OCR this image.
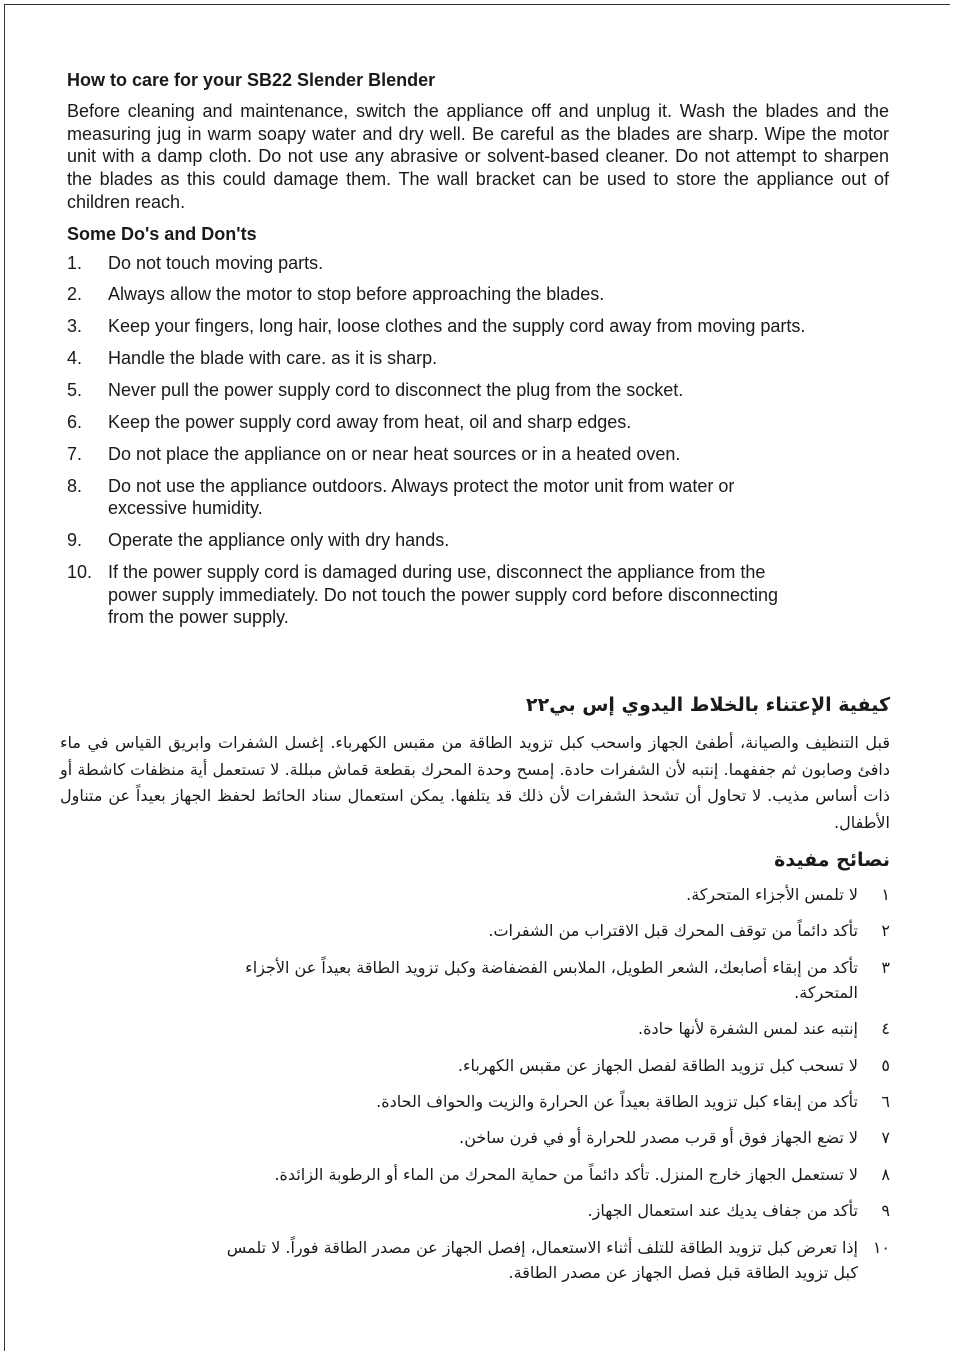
How to care for your SB22 Slender Blender

Before cleaning and maintenance, switch the appliance off and unplug it. Wash the blades and the measuring jug in warm soapy water and dry well. Be careful as the blades are sharp. Wipe the motor unit with a damp cloth. Do not use any abrasive or solvent-based cleaner. Do not attempt to sharpen the blades as this could damage them. The wall bracket can be used to store the appliance out of children reach.

Some Do's and Don'ts
1.	Do not touch moving parts.
2.	Always allow the motor to stop before approaching the blades.
3.	Keep your fingers, long hair, loose clothes and the supply cord away from moving parts.
4.	Handle the blade with care. as it is sharp.
5.	Never pull the power supply cord to disconnect the plug from the socket.
6.	Keep the power supply cord away from heat, oil and sharp edges.
7.	Do not place the appliance on or near heat sources or in a heated oven.
8.	Do not use the appliance outdoors. Always protect the motor unit from water or excessive humidity.
9.	Operate the appliance only with dry hands.
10. If the power supply cord is damaged during use, disconnect the appliance from the power supply immediately. Do not touch the power supply cord before disconnecting from the power supply.
كيفية الإعتناء بالخلاط اليدوي إس بي٢٢

قبل التنظيف والصيانة، أطفئ الجهاز واسحب كبل تزويد الطاقة من مقبس الكهرباء. إغسل الشفرات وابريق القياس في ماء دافئ وصابون ثم جففهما. إنتبه لأن الشفرات حادة. إمسح وحدة المحرك بقطعة قماش مبللة. لا تستعمل أية منظفات كاشطة أو ذات أساس مذيب. لا تحاول أن تشحذ الشفرات لأن ذلك قد يتلفها. يمكن استعمال سناد الحائط لحفظ الجهاز بعيداً عن متناول الأطفال.

نصائح مفيدة
١
لا تلمس الأجزاء المتحركة.
٢
تأكد دائماً من توقف المحرك قبل الاقتراب من الشفرات.
٣
تأكد من إبقاء أصابعك، الشعر الطويل، الملابس الفضفاضة وكبل تزويد الطاقة بعيداً عن الأجزاء المتحركة.
٤
إنتبه عند لمس الشفرة لأنها حادة.
٥
لا تسحب كبل تزويد الطاقة لفصل الجهاز عن مقبس الكهرباء.
٦
تأكد من إبقاء كبل تزويد الطاقة بعيداً عن الحرارة والزيت والحواف الحادة.
٧
لا تضع الجهاز فوق أو قرب مصدر للحرارة أو في فرن ساخن.
٨
لا تستعمل الجهاز خارج المنزل. تأكد دائماً من حماية المحرك من الماء أو الرطوبة الزائدة.
٩
تأكد من جفاف يديك عند استعمال الجهاز.
١٠
إذا تعرض كبل تزويد الطاقة للتلف أثناء الاستعمال، إفصل الجهاز عن مصدر الطاقة فوراً. لا تلمس كبل تزويد الطاقة قبل فصل الجهاز عن مصدر الطاقة.
